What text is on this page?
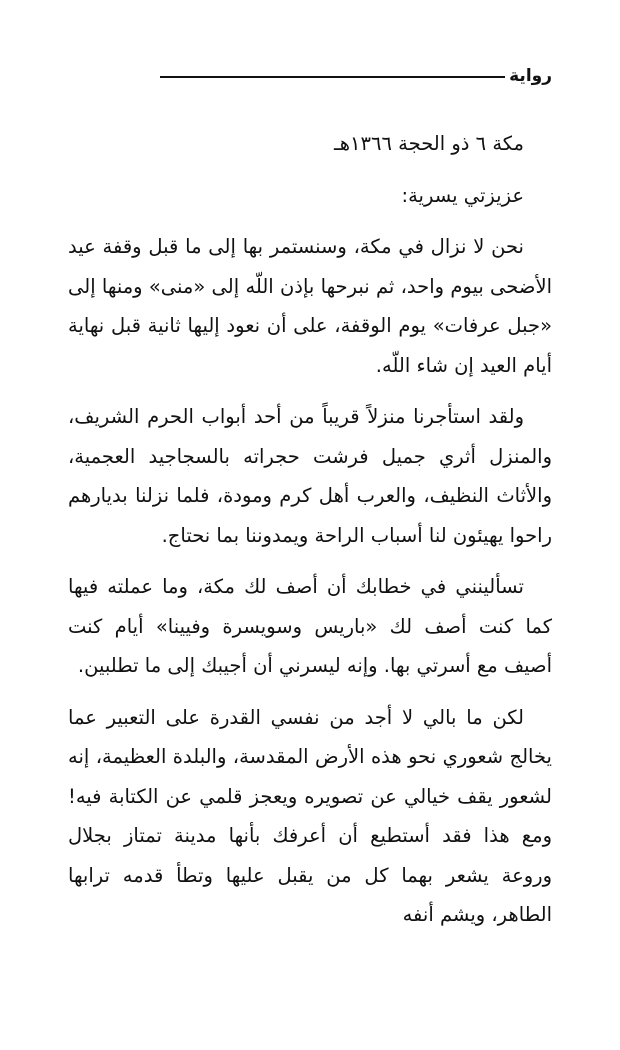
رواية

مكة ٦ ذو الحجة ١٣٦٦هـ

عزيزتي يسرية:

نحن لا نزال في مكة، وسنستمر بها إلى ما قبل وقفة عيد الأضحى بيوم واحد، ثم نبرحها بإذن اللّه إلى «منى» ومنها إلى «جبل عرفات» يوم الوقفة، على أن نعود إليها ثانية قبل نهاية أيام العيد إن شاء اللّه.

ولقد استأجرنا منزلاً قريباً من أحد أبواب الحرم الشريف، والمنزل أثري جميل فرشت حجراته بالسجاجيد العجمية، والأثاث النظيف، والعرب أهل كرم ومودة، فلما نزلنا بديارهم راحوا يهيئون لنا أسباب الراحة ويمدوننا بما نحتاج.

تسألينني في خطابك أن أصف لك مكة، وما عملته فيها كما كنت أصف لك «باريس وسويسرة وفيينا» أيام كنت أصيف مع أسرتي بها. وإنه ليسرني أن أجيبك إلى ما تطلبين.

لكن ما بالي لا أجد من نفسي القدرة على التعبير عما يخالج شعوري نحو هذه الأرض المقدسة، والبلدة العظيمة، إنه لشعور يقف خيالي عن تصويره ويعجز قلمي عن الكتابة فيه! ومع هذا فقد أستطيع أن أعرفك بأنها مدينة تمتاز بجلال وروعة يشعر بهما كل من يقبل عليها وتطأ قدمه ترابها الطاهر، ويشم أنفه
